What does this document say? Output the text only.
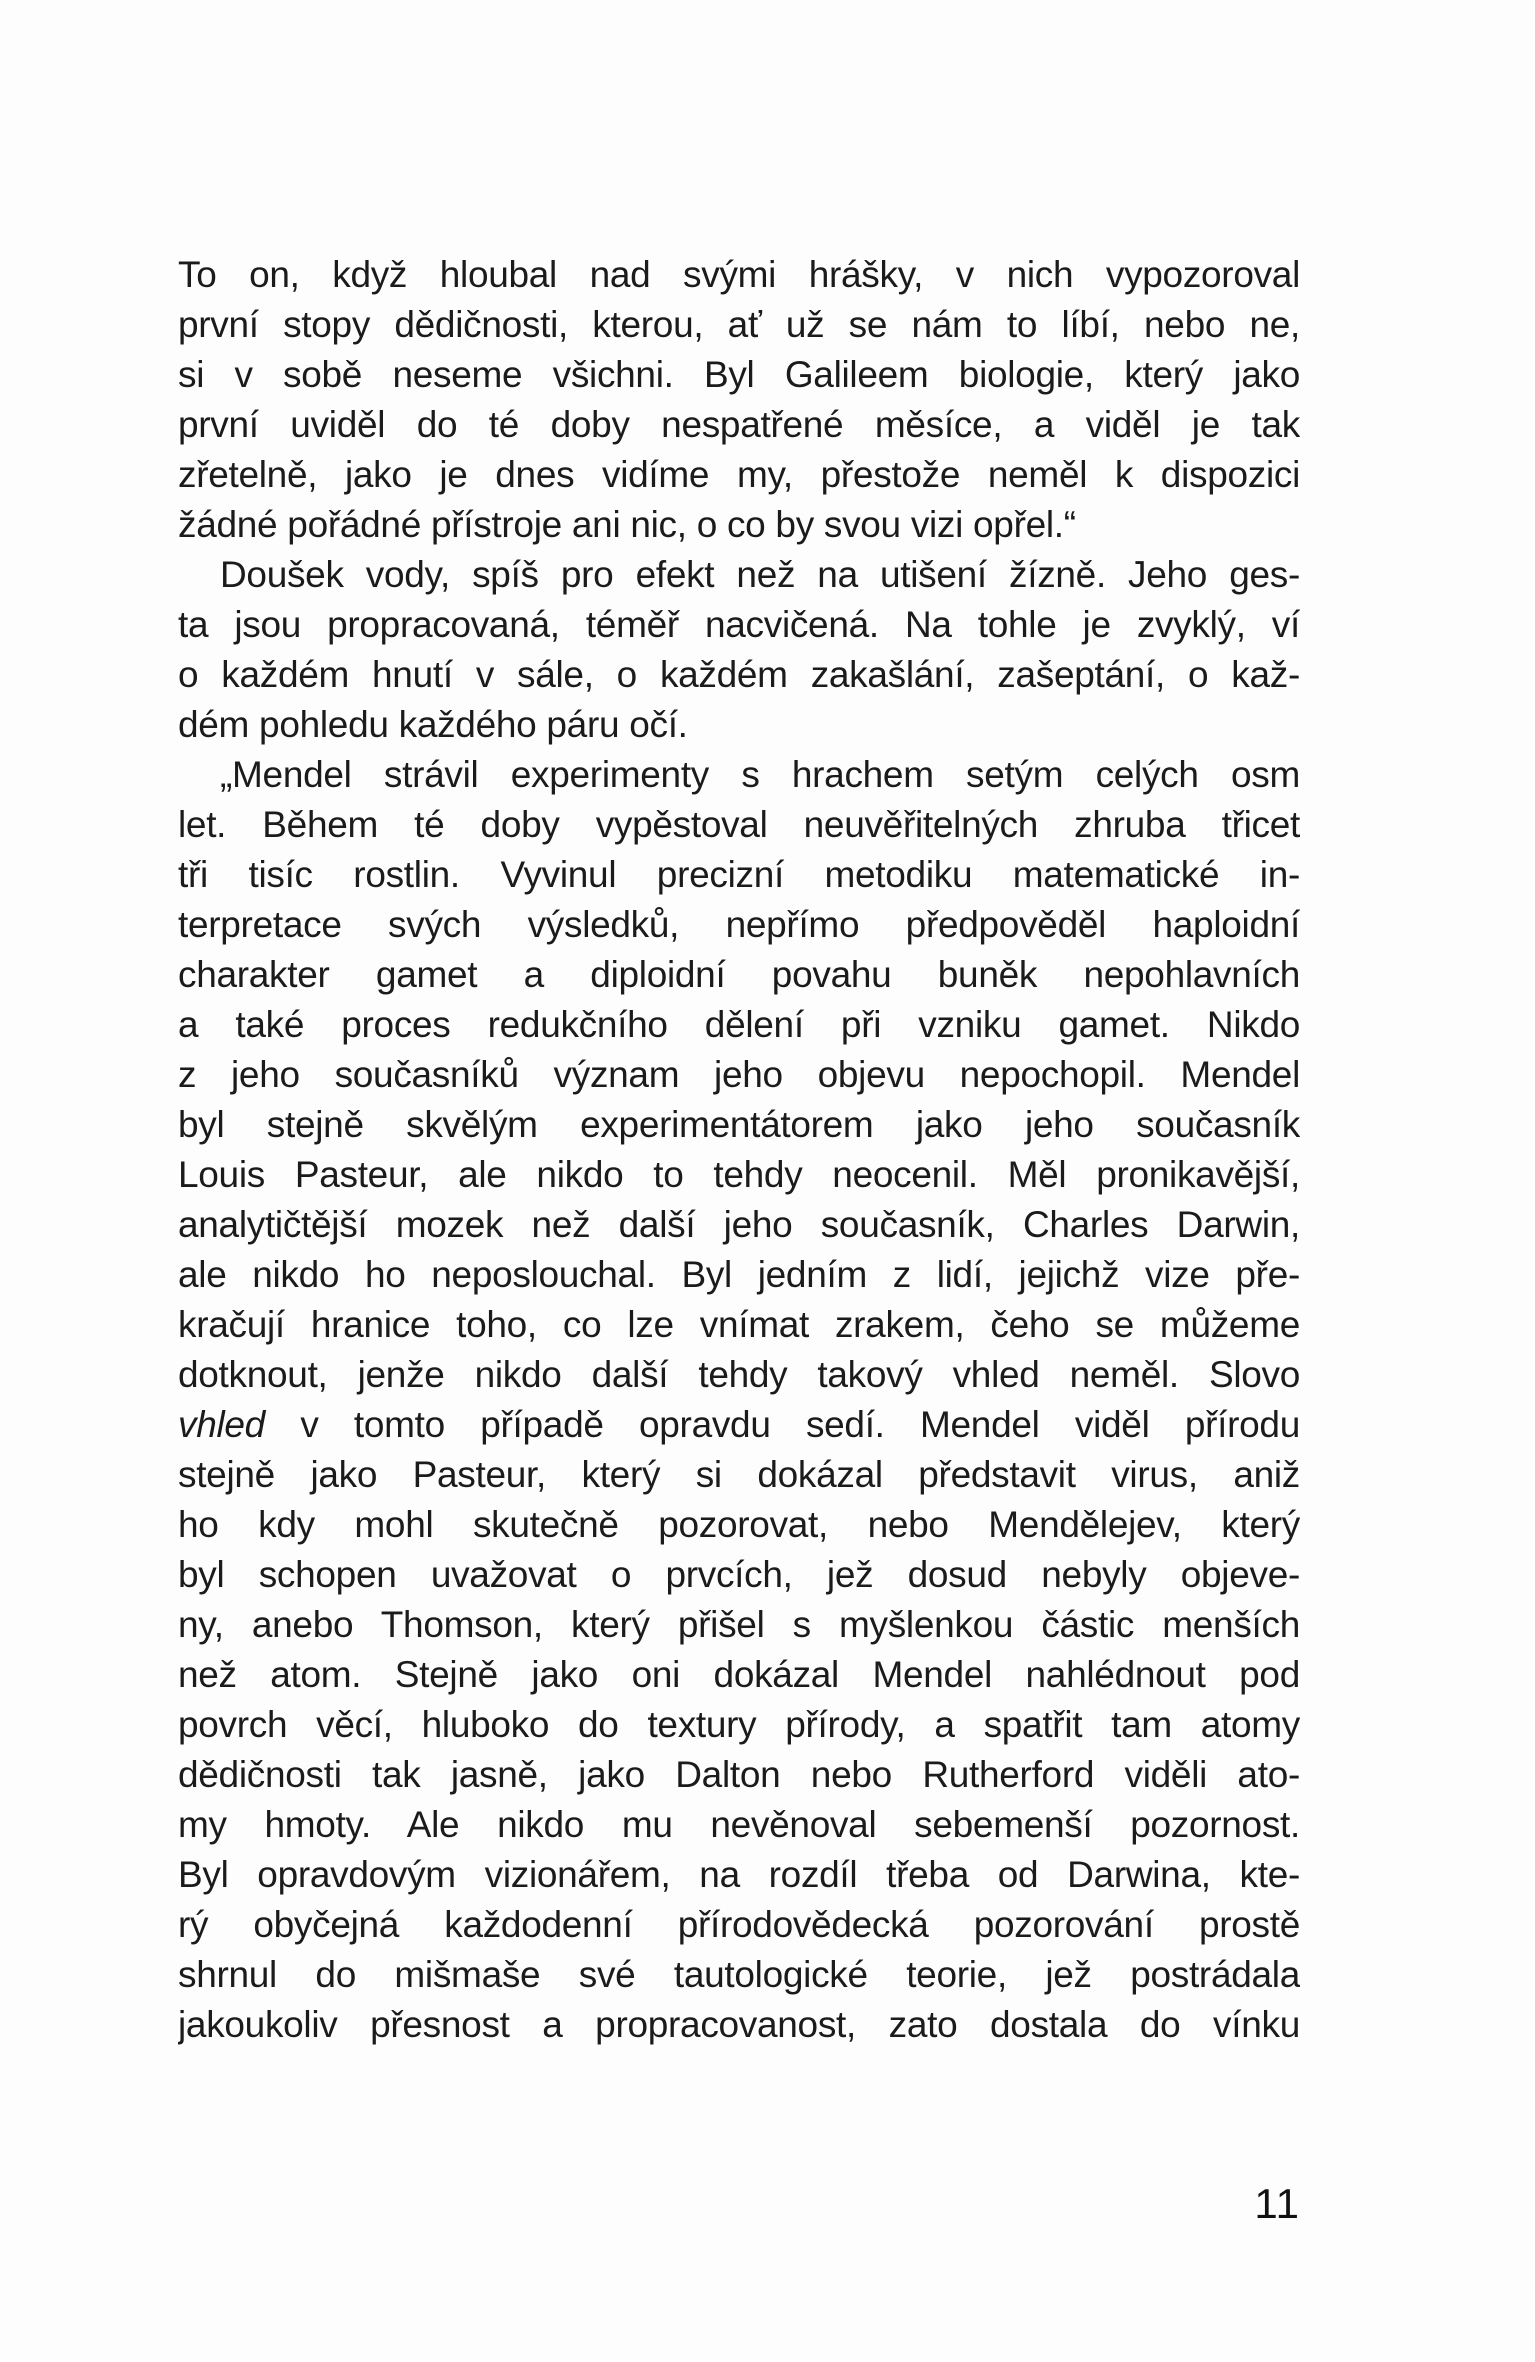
To on, když hloubal nad svými hrášky, v nich vypozoroval
první stopy dědičnosti, kterou, ať už se nám to líbí, nebo ne,
si v sobě neseme všichni. Byl Galileem biologie, který jako
první uviděl do té doby nespatřené měsíce, a viděl je tak
zřetelně, jako je dnes vidíme my, přestože neměl k dispozici
žádné pořádné přístroje ani nic, o co by svou vizi opřel.“
Doušek vody, spíš pro efekt než na utišení žízně. Jeho ges-
ta jsou propracovaná, téměř nacvičená. Na tohle je zvyklý, ví
o každém hnutí v sále, o každém zakašlání, zašeptání, o kaž-
dém pohledu každého páru očí.
„Mendel strávil experimenty s hrachem setým celých osm
let. Během té doby vypěstoval neuvěřitelných zhruba třicet
tři tisíc rostlin. Vyvinul precizní metodiku matematické in-
terpretace svých výsledků, nepřímo předpověděl haploidní
charakter gamet a diploidní povahu buněk nepohlavních
a také proces redukčního dělení při vzniku gamet. Nikdo
z jeho současníků význam jeho objevu nepochopil. Mendel
byl stejně skvělým experimentátorem jako jeho současník
Louis Pasteur, ale nikdo to tehdy neocenil. Měl pronikavější,
analytičtější mozek než další jeho současník, Charles Darwin,
ale nikdo ho neposlouchal. Byl jedním z lidí, jejichž vize pře-
kračují hranice toho, co lze vnímat zrakem, čeho se můžeme
dotknout, jenže nikdo další tehdy takový vhled neměl. Slovo
vhled v tomto případě opravdu sedí. Mendel viděl přírodu
stejně jako Pasteur, který si dokázal představit virus, aniž
ho kdy mohl skutečně pozorovat, nebo Mendělejev, který
byl schopen uvažovat o prvcích, jež dosud nebyly objeve-
ny, anebo Thomson, který přišel s myšlenkou částic menších
než atom. Stejně jako oni dokázal Mendel nahlédnout pod
povrch věcí, hluboko do textury přírody, a spatřit tam atomy
dědičnosti tak jasně, jako Dalton nebo Rutherford viděli ato-
my hmoty. Ale nikdo mu nevěnoval sebemenší pozornost.
Byl opravdovým vizionářem, na rozdíl třeba od Darwina, kte-
rý obyčejná každodenní přírodovědecká pozorování prostě
shrnul do mišmaše své tautologické teorie, jež postrádala
jakoukoliv přesnost a propracovanost, zato dostala do vínku
11
